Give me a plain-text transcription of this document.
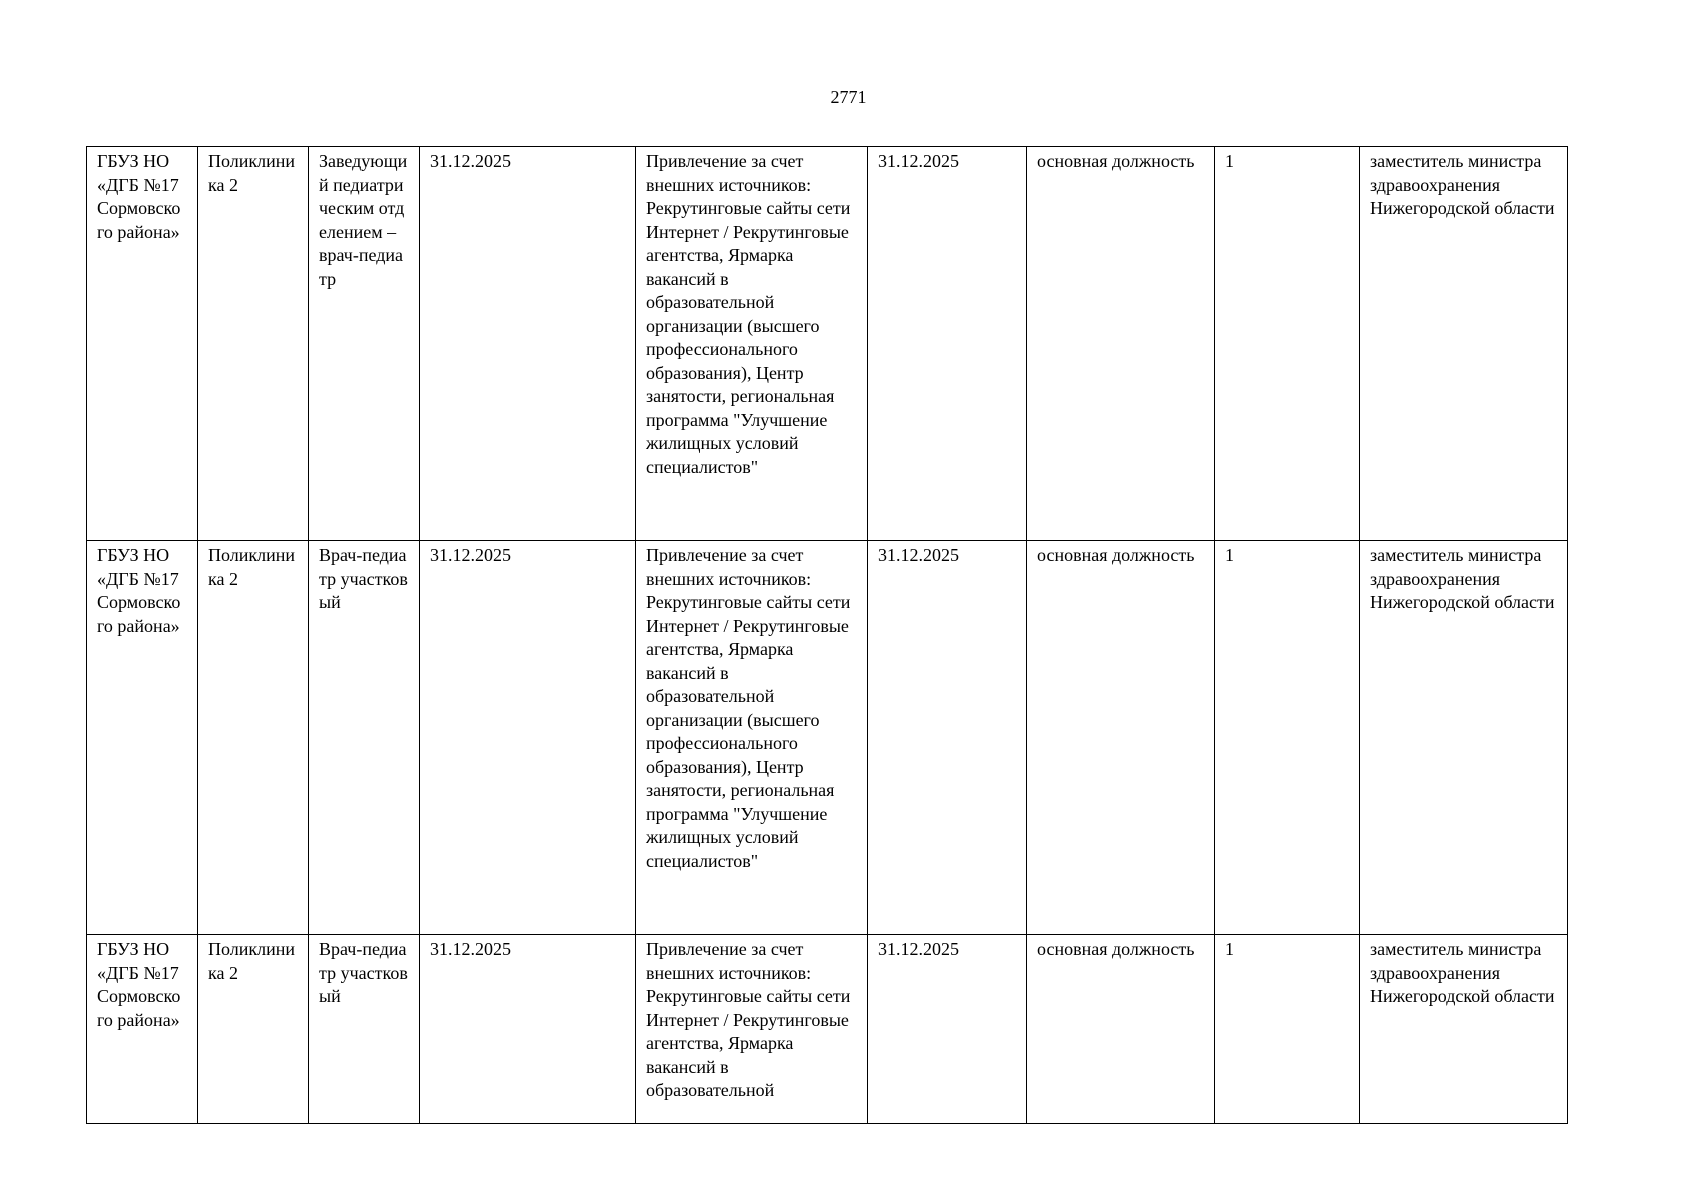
2771
ГБУЗ НО «ДГБ №17 Сормовского района»	Поликлиника 2	Заведующий педиатрическим отделением – врач-педиатр	31.12.2025	Привлечение за счет внешних источников: Рекрутинговые сайты сети Интернет / Рекрутинговые агентства, Ярмарка вакансий в образовательной организации (высшего профессионального образования), Центр занятости, региональная программа "Улучшение жилищных условий специалистов"	31.12.2025	основная должность	1	заместитель министра здравоохранения Нижегородской области
ГБУЗ НО «ДГБ №17 Сормовского района»	Поликлиника 2	Врач-педиатр участковый	31.12.2025	Привлечение за счет внешних источников: Рекрутинговые сайты сети Интернет / Рекрутинговые агентства, Ярмарка вакансий в образовательной организации (высшего профессионального образования), Центр занятости, региональная программа "Улучшение жилищных условий специалистов"	31.12.2025	основная должность	1	заместитель министра здравоохранения Нижегородской области
ГБУЗ НО «ДГБ №17 Сормовского района»	Поликлиника 2	Врач-педиатр участковый	31.12.2025	Привлечение за счет внешних источников: Рекрутинговые сайты сети Интернет / Рекрутинговые агентства, Ярмарка вакансий в образовательной	31.12.2025	основная должность	1	заместитель министра здравоохранения Нижегородской области
